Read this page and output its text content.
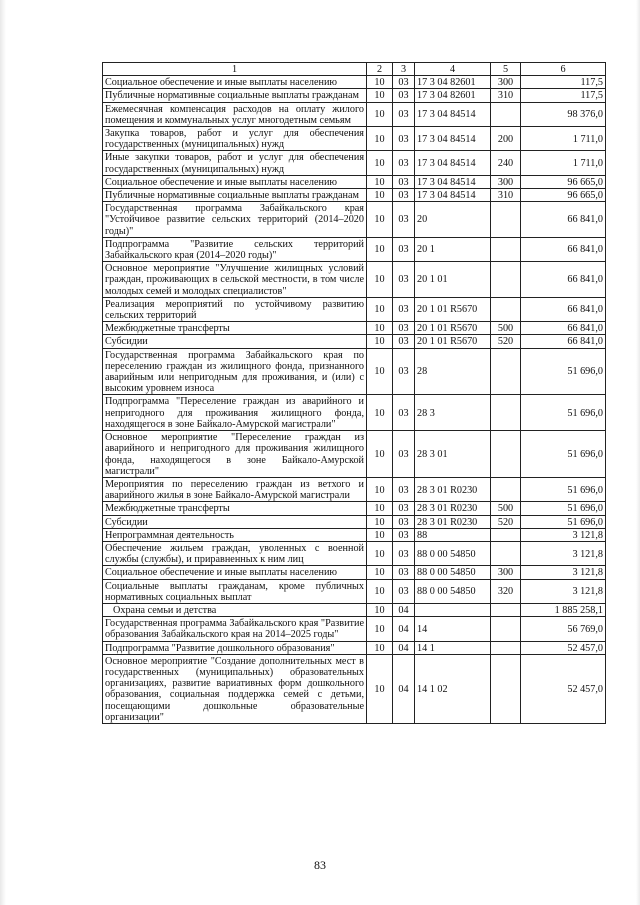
1	2	3	4	5	6
Социальное обеспечение и иные выплаты населению	10	03	17 3 04 82601	300	117,5
Публичные нормативные социальные выплаты гражданам	10	03	17 3 04 82601	310	117,5
Ежемесячная компенсация расходов на оплату жилого помещения и коммунальных услуг многодетным семьям	10	03	17 3 04 84514		98 376,0
Закупка товаров, работ и услуг для обеспечения государственных (муниципальных) нужд	10	03	17 3 04 84514	200	1 711,0
Иные закупки товаров, работ и услуг для обеспечения государственных (муниципальных) нужд	10	03	17 3 04 84514	240	1 711,0
Социальное обеспечение и иные выплаты населению	10	03	17 3 04 84514	300	96 665,0
Публичные нормативные социальные выплаты гражданам	10	03	17 3 04 84514	310	96 665,0
Государственная программа Забайкальского края "Устойчивое развитие сельских территорий (2014–2020 годы)"	10	03	20		66 841,0
Подпрограмма "Развитие сельских территорий Забайкальского края (2014–2020 годы)"	10	03	20 1		66 841,0
Основное мероприятие "Улучшение жилищных условий граждан, проживающих в сельской местности, в том числе молодых семей и молодых специалистов"	10	03	20 1 01		66 841,0
Реализация мероприятий по устойчивому развитию сельских территорий	10	03	20 1 01 R5670		66 841,0
Межбюджетные трансферты	10	03	20 1 01 R5670	500	66 841,0
Субсидии	10	03	20 1 01 R5670	520	66 841,0
Государственная программа Забайкальского края по переселению граждан из жилищного фонда, признанного аварийным или непригодным для проживания, и (или) с высоким уровнем износа	10	03	28		51 696,0
Подпрограмма "Переселение граждан из аварийного и непригодного для проживания жилищного фонда, находящегося в зоне Байкало-Амурской магистрали"	10	03	28 3		51 696,0
Основное мероприятие "Переселение граждан из аварийного и непригодного для проживания жилищного фонда, находящегося в зоне Байкало-Амурской магистрали"	10	03	28 3 01		51 696,0
Мероприятия по переселению граждан из ветхого и аварийного жилья в зоне Байкало-Амурской магистрали	10	03	28 3 01 R0230		51 696,0
Межбюджетные трансферты	10	03	28 3 01 R0230	500	51 696,0
Субсидии	10	03	28 3 01 R0230	520	51 696,0
Непрограммная деятельность	10	03	88		3 121,8
Обеспечение жильем граждан, уволенных с военной службы (службы), и приравненных к ним лиц	10	03	88 0 00 54850		3 121,8
Социальное обеспечение и иные выплаты населению	10	03	88 0 00 54850	300	3 121,8
Социальные выплаты гражданам, кроме публичных нормативных социальных выплат	10	03	88 0 00 54850	320	3 121,8
Охрана семьи и детства	10	04			1 885 258,1
Государственная программа Забайкальского края "Развитие образования Забайкальского края на 2014–2025 годы"	10	04	14		56 769,0
Подпрограмма "Развитие дошкольного образования"	10	04	14 1		52 457,0
Основное мероприятие "Создание дополнительных мест в государственных (муниципальных) образовательных организациях, развитие вариативных форм дошкольного образования, социальная поддержка семей с детьми, посещающими дошкольные образовательные организации"	10	04	14 1 02		52 457,0
83
